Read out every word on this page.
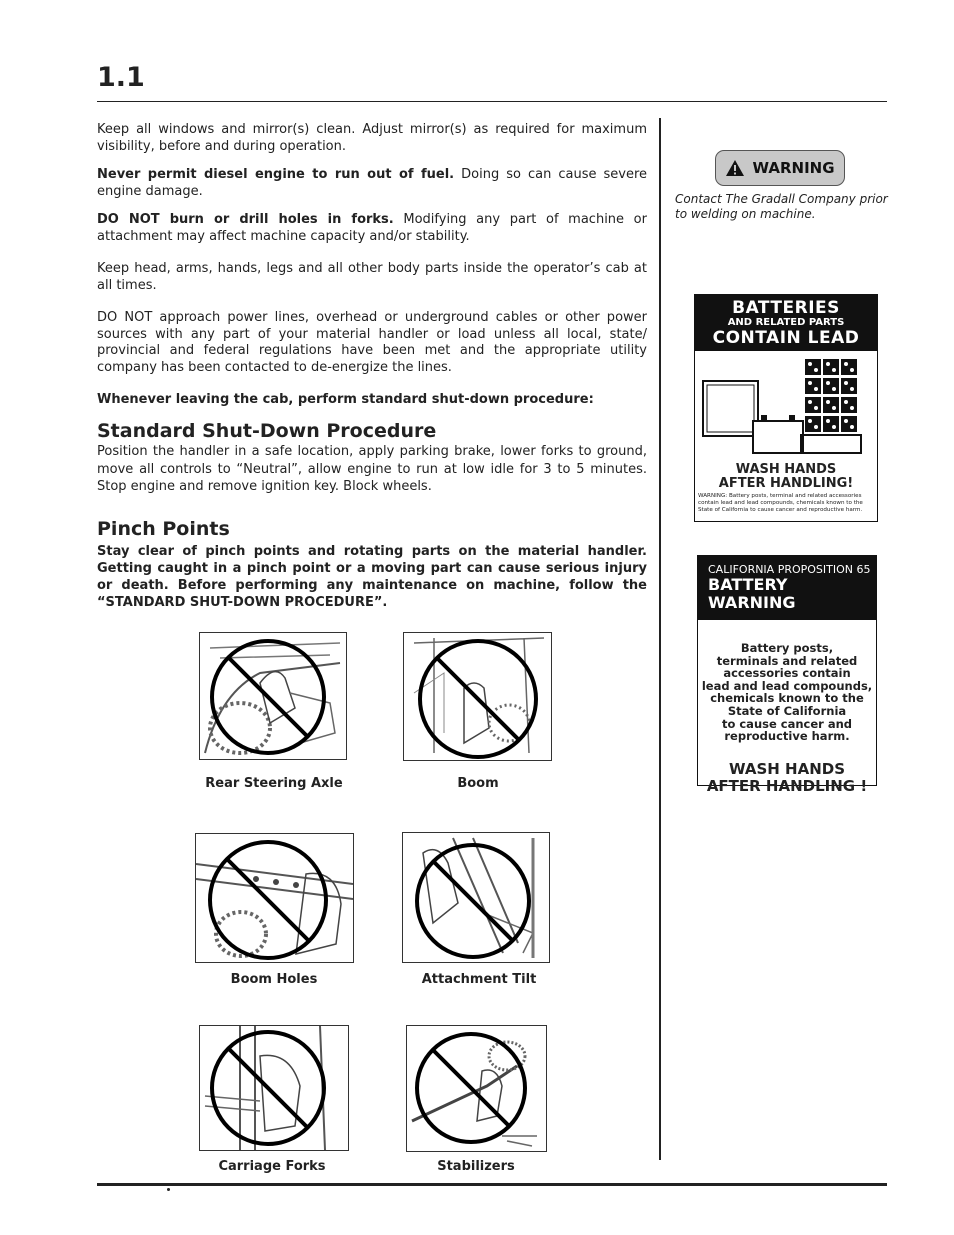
1.1

Keep all windows and mirror(s) clean. Adjust mirror(s) as required for maximum visibility, before and during operation.

Never permit diesel engine to run out of fuel. Doing so can cause severe engine damage.

DO NOT burn or drill holes in forks. Modifying any part of machine or attachment may affect machine capacity and/or stability.

Keep head, arms, hands, legs and all other body parts inside the operator’s cab at all times.

DO NOT approach power lines, overhead or underground cables or other power sources with any part of your material handler or load unless all local, state/ provincial and federal regulations have been met and the appropriate utility company has been contacted to de-energize the lines.

Whenever leaving the cab, perform standard shut-down procedure:

Standard Shut-Down Procedure

Position the handler in a safe location, apply parking brake, lower forks to ground, move all controls to “Neutral”, allow engine to run at low idle for 3 to 5 minutes. Stop engine and remove ignition key. Block wheels.

Pinch Points

Stay clear of pinch points and rotating parts on the material handler. Getting caught in a pinch point or a moving part can cause serious injury or death. Before performing any maintenance on machine, follow the “STANDARD SHUT-DOWN PROCEDURE”.

Rear Steering Axle	Boom
Boom Holes	Attachment Tilt
Carriage Forks	Stabilizers
WARNING

Contact The Gradall Company prior to welding on machine.

BATTERIES
AND RELATED PARTS
CONTAIN LEAD
WASH HANDS
AFTER HANDLING!
WARNING: Battery posts, terminal and related accessories contain lead and lead compounds, chemicals known to the State of California to cause cancer and reproductive harm.
CALIFORNIA PROPOSITION 65
BATTERY WARNING
Battery posts,
terminals and related
accessories contain
lead and lead compounds,
chemicals known to the
State of California
to cause cancer and
reproductive harm.
WASH HANDS
AFTER HANDLING !
